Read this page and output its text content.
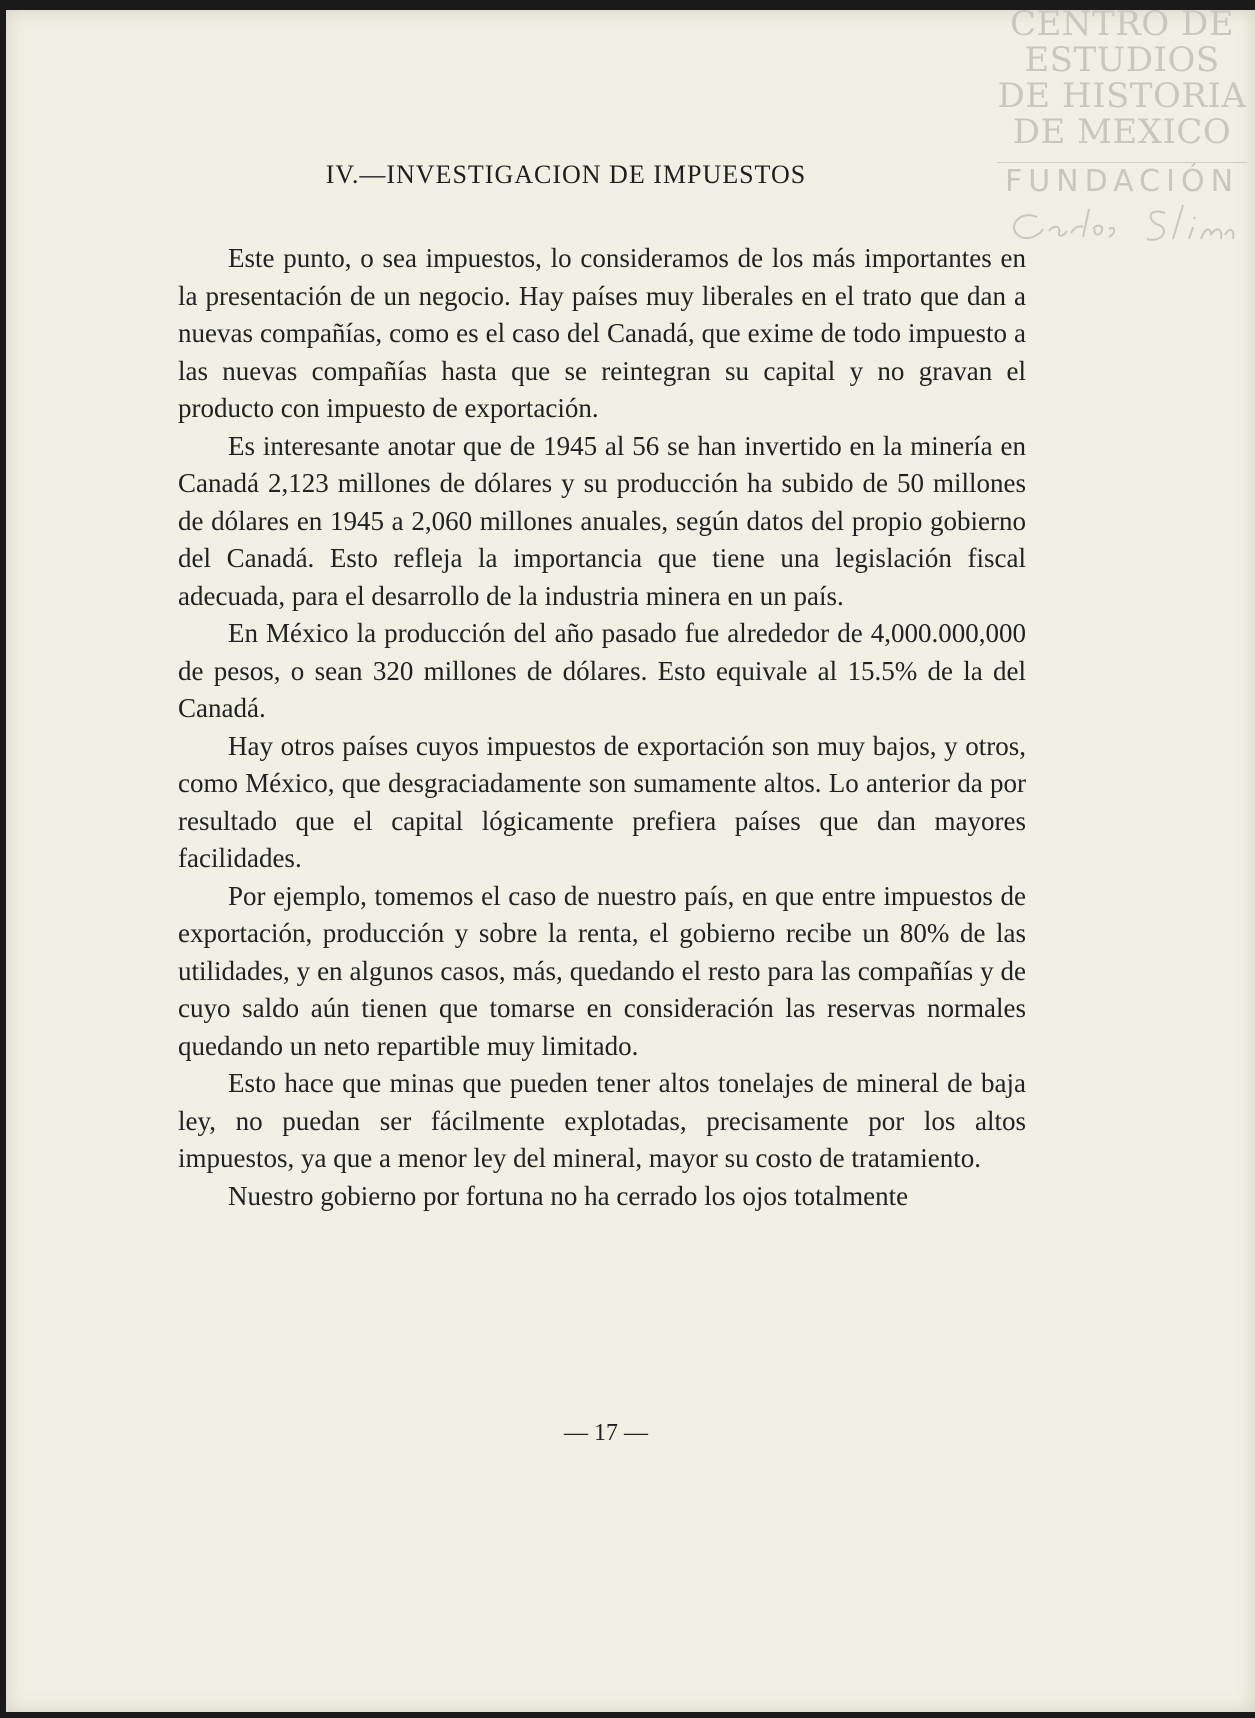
CENTRO DE
ESTUDIOS
DE HISTORIA
DE MEXICO
FUNDACIÓN
IV.—INVESTIGACION DE IMPUESTOS

Este punto, o sea impuestos, lo consideramos de los más importantes en la presentación de un negocio. Hay países muy liberales en el trato que dan a nuevas compañías, como es el caso del Canadá, que exime de todo impuesto a las nuevas compañías hasta que se reintegran su capital y no gravan el producto con impuesto de exportación.

Es interesante anotar que de 1945 al 56 se han invertido en la minería en Canadá 2,123 millones de dólares y su producción ha subido de 50 millones de dólares en 1945 a 2,060 millones anuales, según datos del propio gobierno del Canadá. Esto refleja la importancia que tiene una legislación fiscal adecuada, para el desarrollo de la industria minera en un país.

En México la producción del año pasado fue alrededor de 4,000.000,000 de pesos, o sean 320 millones de dólares. Esto equivale al 15.5% de la del Canadá.

Hay otros países cuyos impuestos de exportación son muy bajos, y otros, como México, que desgraciadamente son sumamente altos. Lo anterior da por resultado que el capital lógicamente prefiera países que dan mayores facilidades.

Por ejemplo, tomemos el caso de nuestro país, en que entre impuestos de exportación, producción y sobre la renta, el gobierno recibe un 80% de las utilidades, y en algunos casos, más, quedando el resto para las compañías y de cuyo saldo aún tienen que tomarse en consideración las reservas normales quedando un neto repartible muy limitado.

Esto hace que minas que pueden tener altos tonelajes de mineral de baja ley, no puedan ser fácilmente explotadas, precisamente por los altos impuestos, ya que a menor ley del mineral, mayor su costo de tratamiento.

Nuestro gobierno por fortuna no ha cerrado los ojos totalmente

— 17 —
